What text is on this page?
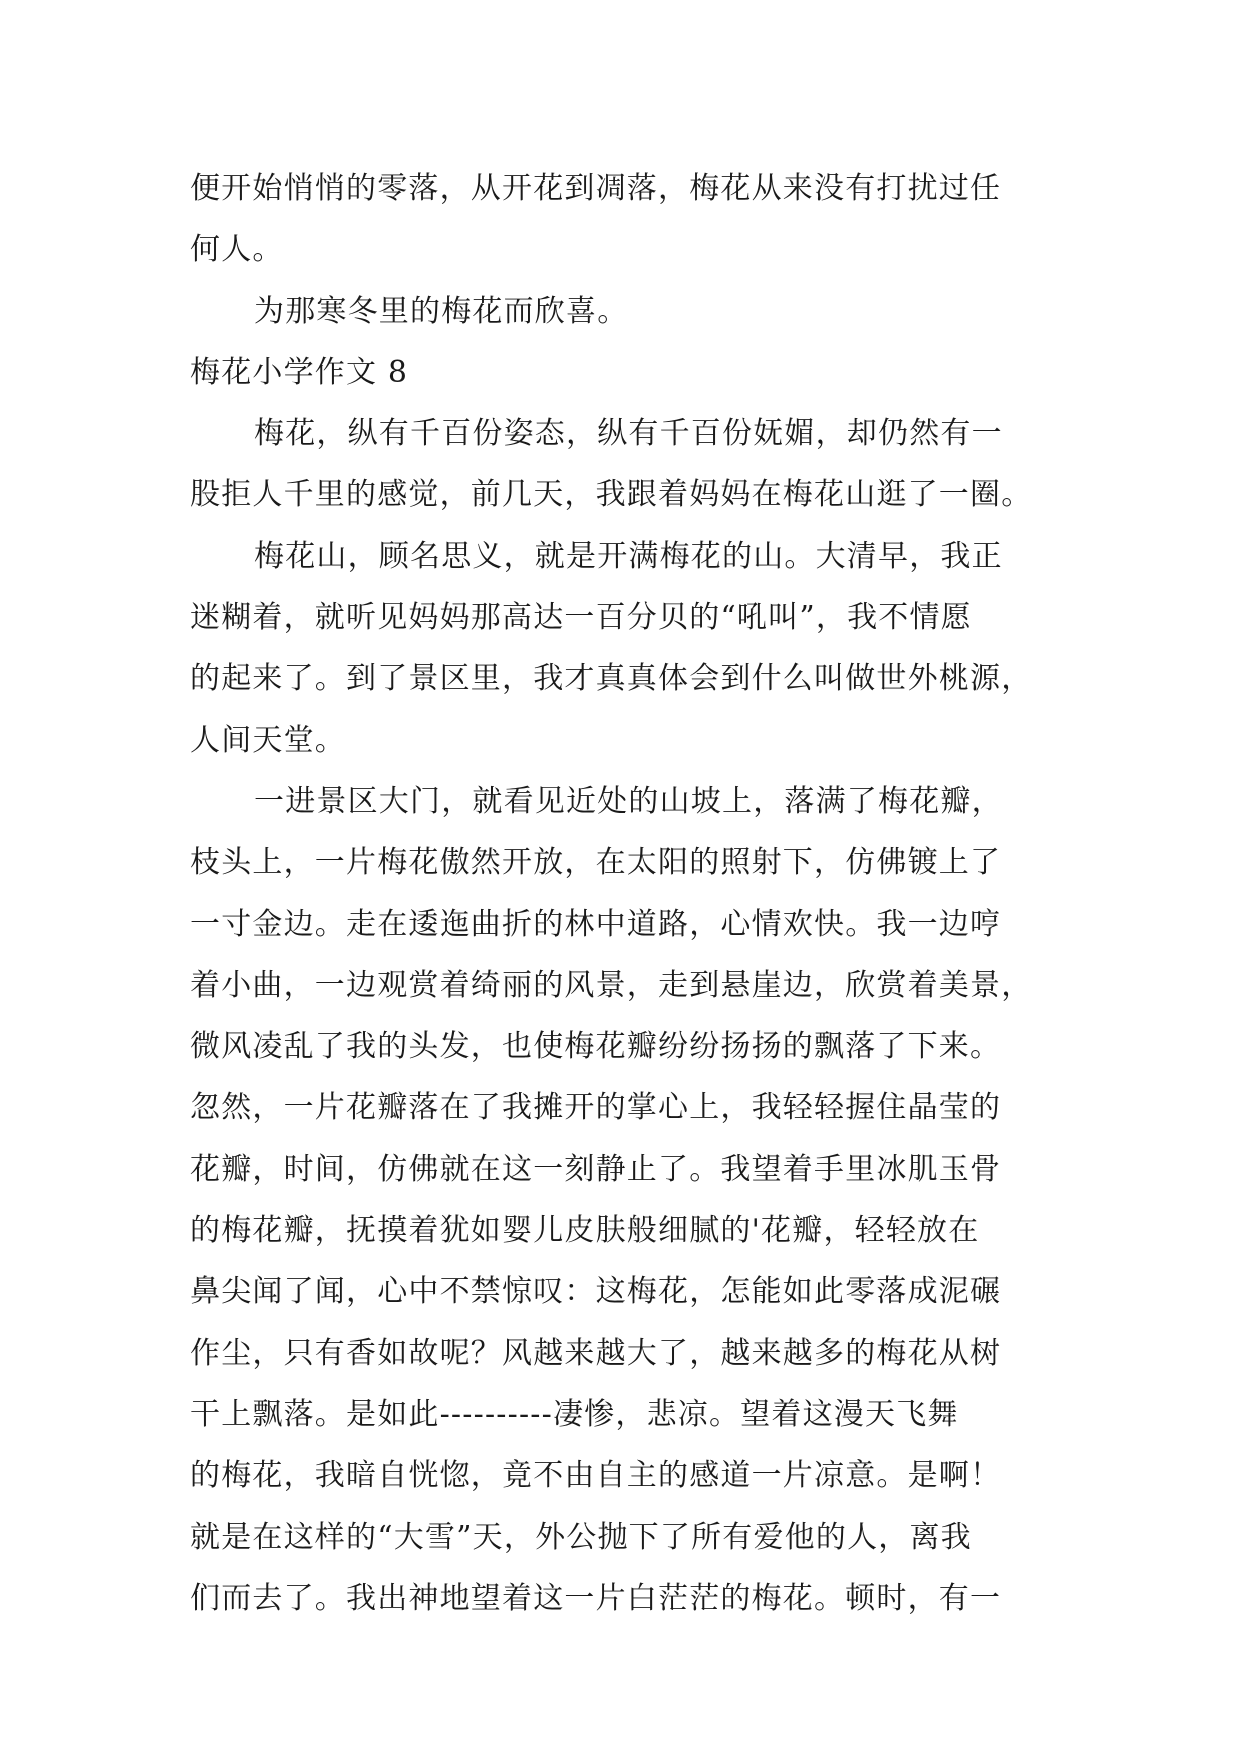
便开始悄悄的零落，从开花到凋落，梅花从来没有打扰过任
何人。
为那寒冬里的梅花而欣喜。
梅花小学作文 8
梅花，纵有千百份姿态，纵有千百份妩媚，却仍然有一
股拒人千里的感觉，前几天，我跟着妈妈在梅花山逛了一圈。
梅花山，顾名思义，就是开满梅花的山。大清早，我正
迷糊着，就听见妈妈那高达一百分贝的“吼叫”，我不情愿
的起来了。到了景区里，我才真真体会到什么叫做世外桃源，
人间天堂。
一进景区大门，就看见近处的山坡上，落满了梅花瓣，
枝头上，一片梅花傲然开放，在太阳的照射下，仿佛镀上了
一寸金边。走在逶迤曲折的林中道路，心情欢快。我一边哼
着小曲，一边观赏着绮丽的风景，走到悬崖边，欣赏着美景，
微风凌乱了我的头发，也使梅花瓣纷纷扬扬的飘落了下来。
忽然，一片花瓣落在了我摊开的掌心上，我轻轻握住晶莹的
花瓣，时间，仿佛就在这一刻静止了。我望着手里冰肌玉骨
的梅花瓣，抚摸着犹如婴儿皮肤般细腻的'花瓣，轻轻放在
鼻尖闻了闻，心中不禁惊叹：这梅花，怎能如此零落成泥碾
作尘，只有香如故呢？风越来越大了，越来越多的梅花从树
干上飘落。是如此----------凄惨，悲凉。望着这漫天飞舞
的梅花，我暗自恍惚，竟不由自主的感道一片凉意。是啊！
就是在这样的“大雪”天，外公抛下了所有爱他的人，离我
们而去了。我出神地望着这一片白茫茫的梅花。顿时，有一
